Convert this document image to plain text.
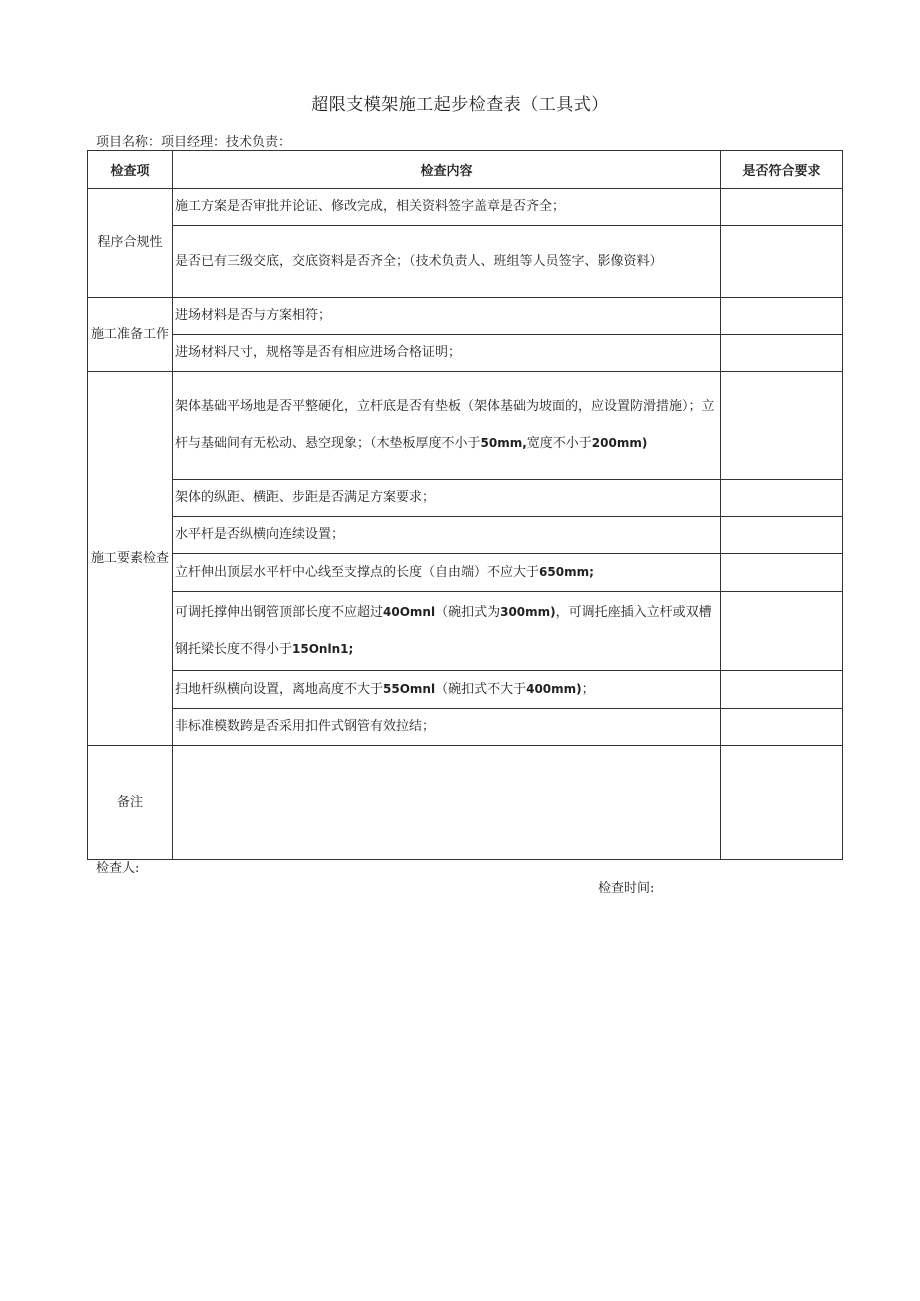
超限支模架施工起步检查表（工具式）
项目名称：项目经理：技术负责：
检查项	检查内容	是否符合要求
程序合规性	施工方案是否审批并论证、修改完成，相关资料签字盖章是否齐全；	
	是否已有三级交底，交底资料是否齐全；（技术负责人、班组等人员签字、影像资料）	
施工准备工作	进场材料是否与方案相符；	
	进场材料尺寸，规格等是否有相应进场合格证明；	
施工要素检查	架体基础平场地是否平整硬化，立杆底是否有垫板（架体基础为坡面的，应设置防滑措施）；立杆与基础间有无松动、悬空现象；（木垫板厚度不小于50mm,宽度不小于200mm)	
	架体的纵距、横距、步距是否满足方案要求；	
	水平杆是否纵横向连续设置；	
	立杆伸出顶层水平杆中心线至支撑点的长度（自由端）不应大于650mm;	
	可调托撑伸出钢管顶部长度不应超过40Omnl（碗扣式为300mm)，可调托座插入立杆或双槽钢托梁长度不得小于15Onln1;	
	扫地杆纵横向设置，离地高度不大于55Omnl（碗扣式不大于400mm)；	
	非标准模数跨是否采用扣件式钢管有效拉结；	
备注		
检查人:
检查时间:
